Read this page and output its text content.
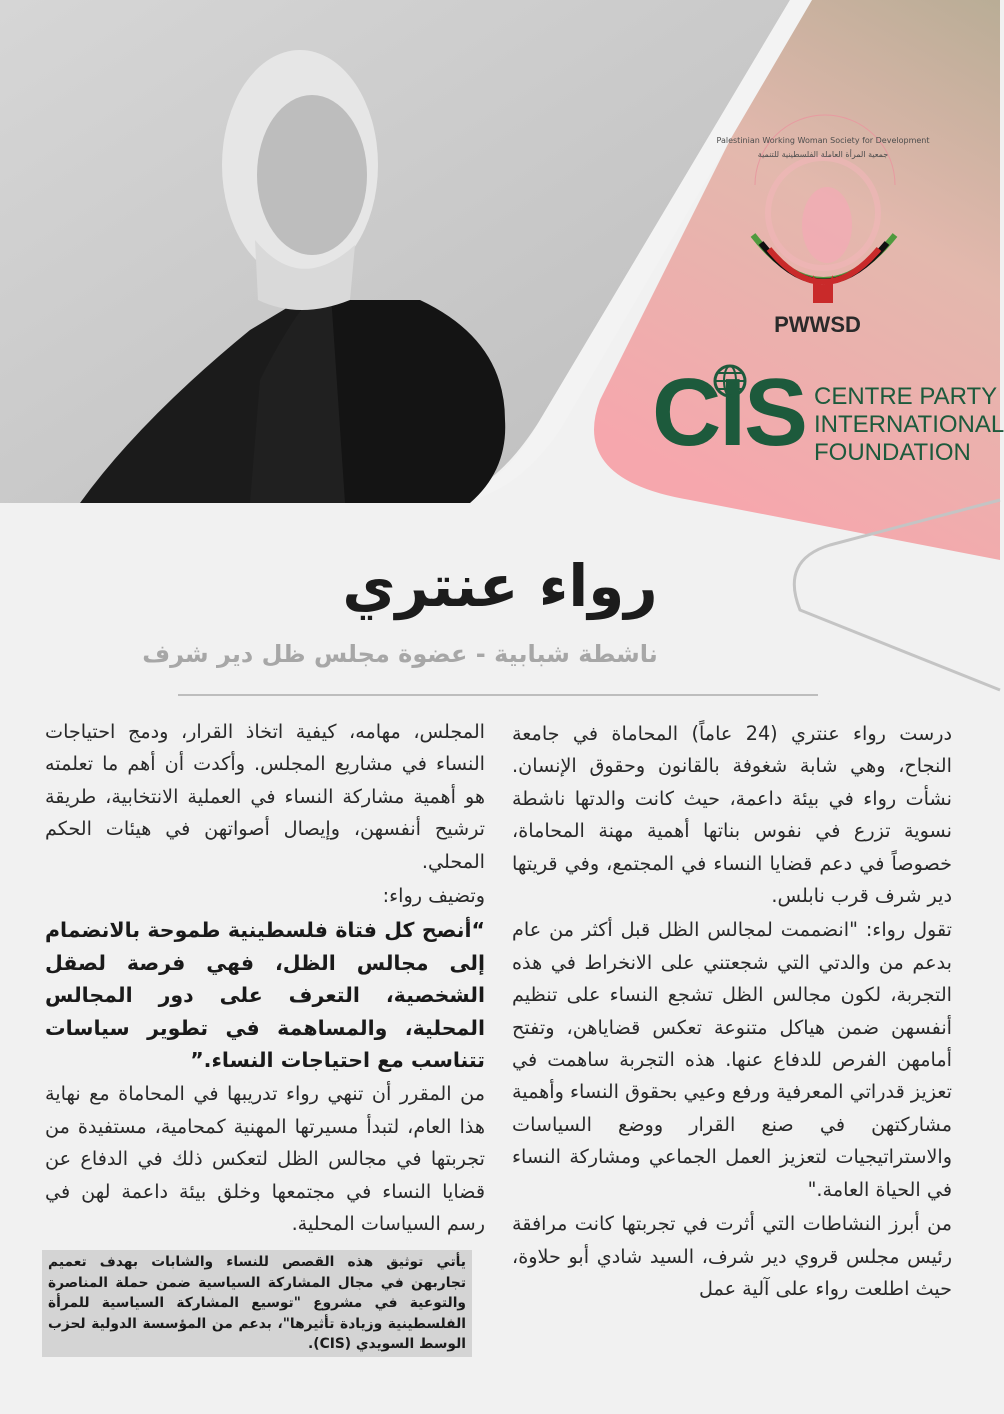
Palestinian Working Woman Society for Development
جمعية المرأة العاملة الفلسطينية للتنمية
PWWSD
CIS CENTRE PARTY
INTERNATIONAL
FOUNDATION
رواء عنتري
ناشطة شبابية - عضوة مجلس ظل دير شرف

درست رواء عنتري (24 عاماً) المحاماة في جامعة النجاح، وهي شابة شغوفة بالقانون وحقوق الإنسان. نشأت رواء في بيئة داعمة، حيث كانت والدتها ناشطة نسوية تزرع في نفوس بناتها أهمية مهنة المحاماة، خصوصاً في دعم قضايا النساء في المجتمع، وفي قريتها دير شرف قرب نابلس.

تقول رواء: "انضممت لمجالس الظل قبل أكثر من عام بدعم من والدتي التي شجعتني على الانخراط في هذه التجربة، لكون مجالس الظل تشجع النساء على تنظيم أنفسهن ضمن هياكل متنوعة تعكس قضاياهن، وتفتح أمامهن الفرص للدفاع عنها. هذه التجربة ساهمت في تعزيز قدراتي المعرفية ورفع وعيي بحقوق النساء وأهمية مشاركتهن في صنع القرار ووضع السياسات والاستراتيجيات لتعزيز العمل الجماعي ومشاركة النساء في الحياة العامة."

من أبرز النشاطات التي أثرت في تجربتها كانت مرافقة رئيس مجلس قروي دير شرف، السيد شادي أبو حلاوة، حيث اطلعت رواء على آلية عمل

المجلس، مهامه، كيفية اتخاذ القرار، ودمج احتياجات النساء في مشاريع المجلس. وأكدت أن أهم ما تعلمته هو أهمية مشاركة النساء في العملية الانتخابية، طريقة ترشيح أنفسهن، وإيصال أصواتهن في هيئات الحكم المحلي.

وتضيف رواء:

“أنصح كل فتاة فلسطينية طموحة بالانضمام إلى مجالس الظل، فهي فرصة لصقل الشخصية، التعرف على دور المجالس المحلية، والمساهمة في تطوير سياسات تتناسب مع احتياجات النساء.”

من المقرر أن تنهي رواء تدريبها في المحاماة مع نهاية هذا العام، لتبدأ مسيرتها المهنية كمحامية، مستفيدة من تجربتها في مجالس الظل لتعكس ذلك في الدفاع عن قضايا النساء في مجتمعها وخلق بيئة داعمة لهن في رسم السياسات المحلية.

يأتي توثيق هذه القصص للنساء والشابات بهدف تعميم تجاربهن في مجال المشاركة السياسية ضمن حملة المناصرة والتوعية في مشروع "توسيع المشاركة السياسية للمرأة الفلسطينية وزيادة تأثيرها"، بدعم من المؤسسة الدولية لحزب الوسط السويدي (CIS).
